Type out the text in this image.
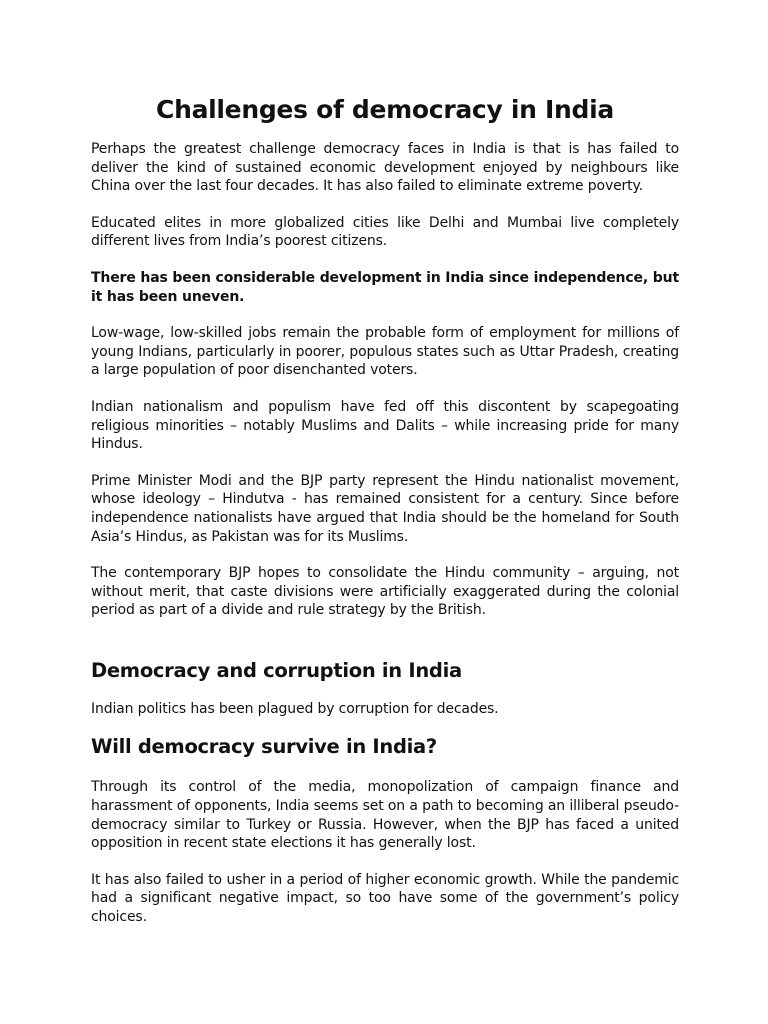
Challenges of democracy in India

Perhaps the greatest challenge democracy faces in India is that is has failed to deliver the kind of sustained economic development enjoyed by neighbours like China over the last four decades. It has also failed to eliminate extreme poverty.

Educated elites in more globalized cities like Delhi and Mumbai live completely different lives from India’s poorest citizens.

There has been considerable development in India since independence, but it has been uneven.

Low-wage, low-skilled jobs remain the probable form of employment for millions of young Indians, particularly in poorer, populous states such as Uttar Pradesh, creating a large population of poor disenchanted voters.

Indian nationalism and populism have fed off this discontent by scapegoating religious minorities – notably Muslims and Dalits – while increasing pride for many Hindus.

Prime Minister Modi and the BJP party represent the Hindu nationalist movement, whose ideology – Hindutva - has remained consistent for a century. Since before independence nationalists have argued that India should be the homeland for South Asia’s Hindus, as Pakistan was for its Muslims.

The contemporary BJP hopes to consolidate the Hindu community – arguing, not without merit, that caste divisions were artificially exaggerated during the colonial period as part of a divide and rule strategy by the British.

Democracy and corruption in India

Indian politics has been plagued by corruption for decades.

Will democracy survive in India?

Through its control of the media, monopolization of campaign finance and harassment of opponents, India seems set on a path to becoming an illiberal pseudo-democracy similar to Turkey or Russia. However, when the BJP has faced a united opposition in recent state elections it has generally lost.

It has also failed to usher in a period of higher economic growth. While the pandemic had a significant negative impact, so too have some of the government’s policy choices.
